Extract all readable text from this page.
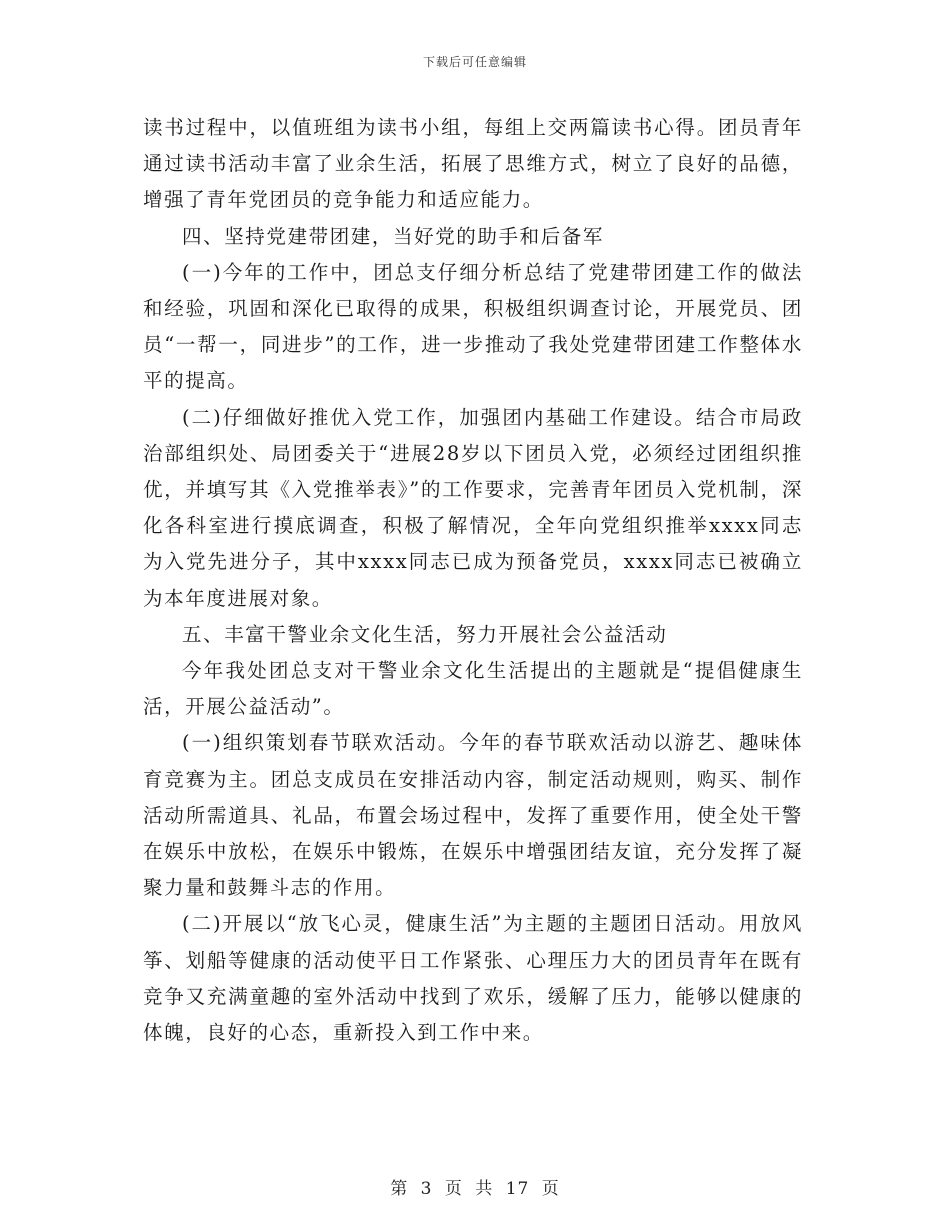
下载后可任意编辑

读书过程中，以值班组为读书小组，每组上交两篇读书心得。团员青年通过读书活动丰富了业余生活，拓展了思维方式，树立了良好的品德，增强了青年党团员的竞争能力和适应能力。

四、坚持党建带团建，当好党的助手和后备军

(一)今年的工作中，团总支仔细分析总结了党建带团建工作的做法和经验，巩固和深化已取得的成果，积极组织调查讨论，开展党员、团员“一帮一，同进步”的工作，进一步推动了我处党建带团建工作整体水平的提高。

(二)仔细做好推优入党工作，加强团内基础工作建设。结合市局政治部组织处、局团委关于“进展28岁以下团员入党，必须经过团组织推优，并填写其《入党推举表》”的工作要求，完善青年团员入党机制，深化各科室进行摸底调查，积极了解情况，全年向党组织推举xxxx同志为入党先进分子，其中xxxx同志已成为预备党员，xxxx同志已被确立为本年度进展对象。

五、丰富干警业余文化生活，努力开展社会公益活动

今年我处团总支对干警业余文化生活提出的主题就是“提倡健康生活，开展公益活动”。

(一)组织策划春节联欢活动。今年的春节联欢活动以游艺、趣味体育竞赛为主。团总支成员在安排活动内容，制定活动规则，购买、制作活动所需道具、礼品，布置会场过程中，发挥了重要作用，使全处干警在娱乐中放松，在娱乐中锻炼，在娱乐中增强团结友谊，充分发挥了凝聚力量和鼓舞斗志的作用。

(二)开展以“放飞心灵，健康生活”为主题的主题团日活动。用放风筝、划船等健康的活动使平日工作紧张、心理压力大的团员青年在既有竞争又充满童趣的室外活动中找到了欢乐，缓解了压力，能够以健康的体魄，良好的心态，重新投入到工作中来。

第 3 页 共 17 页
